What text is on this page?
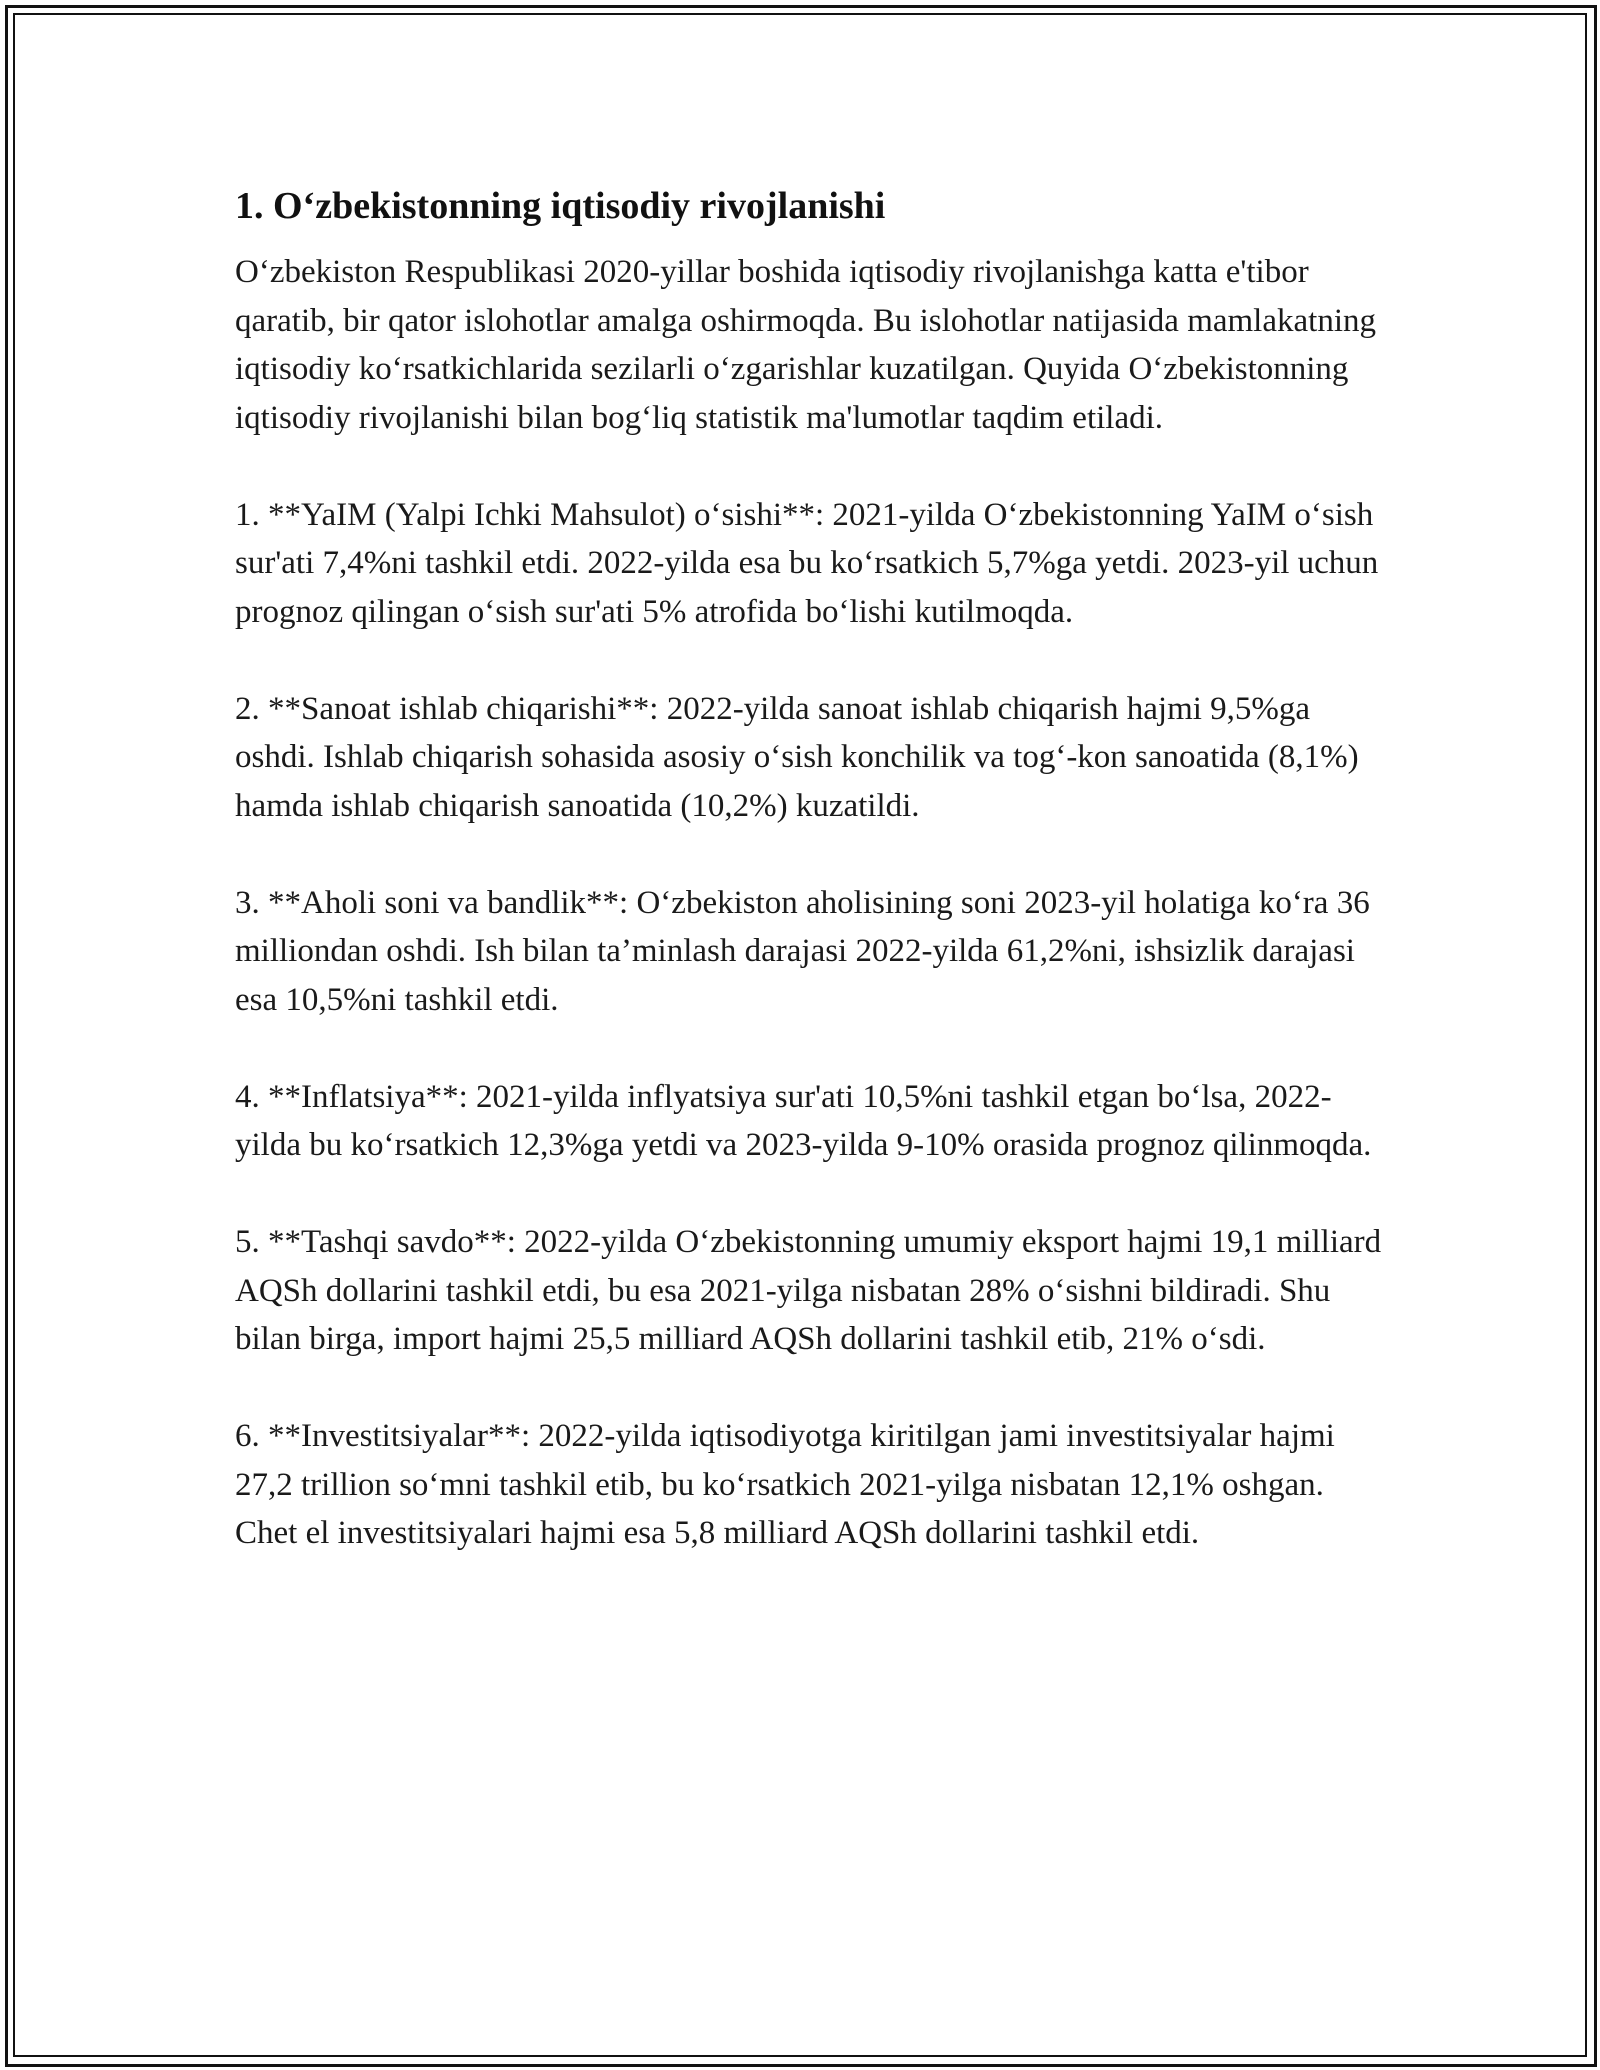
1. O‘zbekistonning iqtisodiy rivojlanishi

O‘zbekiston Respublikasi 2020-yillar boshida iqtisodiy rivojlanishga katta e'tibor qaratib, bir qator islohotlar amalga oshirmoqda. Bu islohotlar natijasida mamlakatning iqtisodiy ko‘rsatkichlarida sezilarli o‘zgarishlar kuzatilgan. Quyida O‘zbekistonning iqtisodiy rivojlanishi bilan bog‘liq statistik ma'lumotlar taqdim etiladi.

1. **YaIM (Yalpi Ichki Mahsulot) o‘sishi**: 2021-yilda O‘zbekistonning YaIM o‘sish sur'ati 7,4%ni tashkil etdi. 2022-yilda esa bu ko‘rsatkich 5,7%ga yetdi. 2023-yil uchun prognoz qilingan o‘sish sur'ati 5% atrofida bo‘lishi kutilmoqda.

2. **Sanoat ishlab chiqarishi**: 2022-yilda sanoat ishlab chiqarish hajmi 9,5%ga oshdi. Ishlab chiqarish sohasida asosiy o‘sish konchilik va tog‘-kon sanoatida (8,1%) hamda ishlab chiqarish sanoatida (10,2%) kuzatildi.

3. **Aholi soni va bandlik**: O‘zbekiston aholisining soni 2023-yil holatiga ko‘ra 36 milliondan oshdi. Ish bilan ta’minlash darajasi 2022-yilda 61,2%ni, ishsizlik darajasi esa 10,5%ni tashkil etdi.

4. **Inflatsiya**: 2021-yilda inflyatsiya sur'ati 10,5%ni tashkil etgan bo‘lsa, 2022-yilda bu ko‘rsatkich 12,3%ga yetdi va 2023-yilda 9-10% orasida prognoz qilinmoqda.

5. **Tashqi savdo**: 2022-yilda O‘zbekistonning umumiy eksport hajmi 19,1 milliard AQSh dollarini tashkil etdi, bu esa 2021-yilga nisbatan 28% o‘sishni bildiradi. Shu bilan birga, import hajmi 25,5 milliard AQSh dollarini tashkil etib, 21% o‘sdi.

6. **Investitsiyalar**: 2022-yilda iqtisodiyotga kiritilgan jami investitsiyalar hajmi 27,2 trillion so‘mni tashkil etib, bu ko‘rsatkich 2021-yilga nisbatan 12,1% oshgan. Chet el investitsiyalari hajmi esa 5,8 milliard AQSh dollarini tashkil etdi.
